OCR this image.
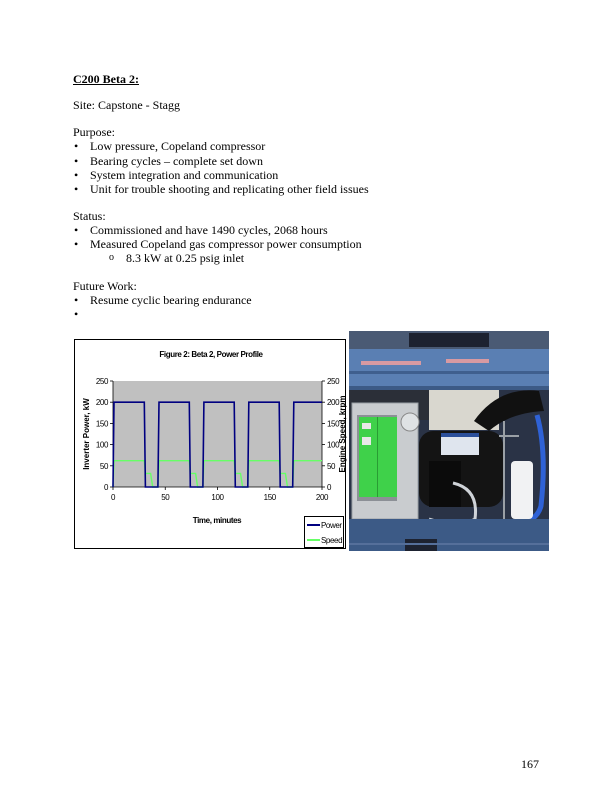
C200 Beta 2:
Site: Capstone - Stagg
Purpose:
• Low pressure, Copeland compressor
• Bearing cycles – complete set down
• System integration and communication
• Unit for trouble shooting and replicating other field issues
Status:
• Commissioned and have 1490 cycles, 2068 hours
• Measured Copeland gas compressor power consumption
o 8.3 kW at 0.25 psig inlet
Future Work:
• Resume cyclic bearing endurance
•
Figure 2: Beta 2, Power Profile
0
50
100
150
200
250
0
50
100
150
200
250
0	50	100	150	200
Inverter Power, kW	Engine Speed, krpm
Time, minutes	Power
Speed
167
